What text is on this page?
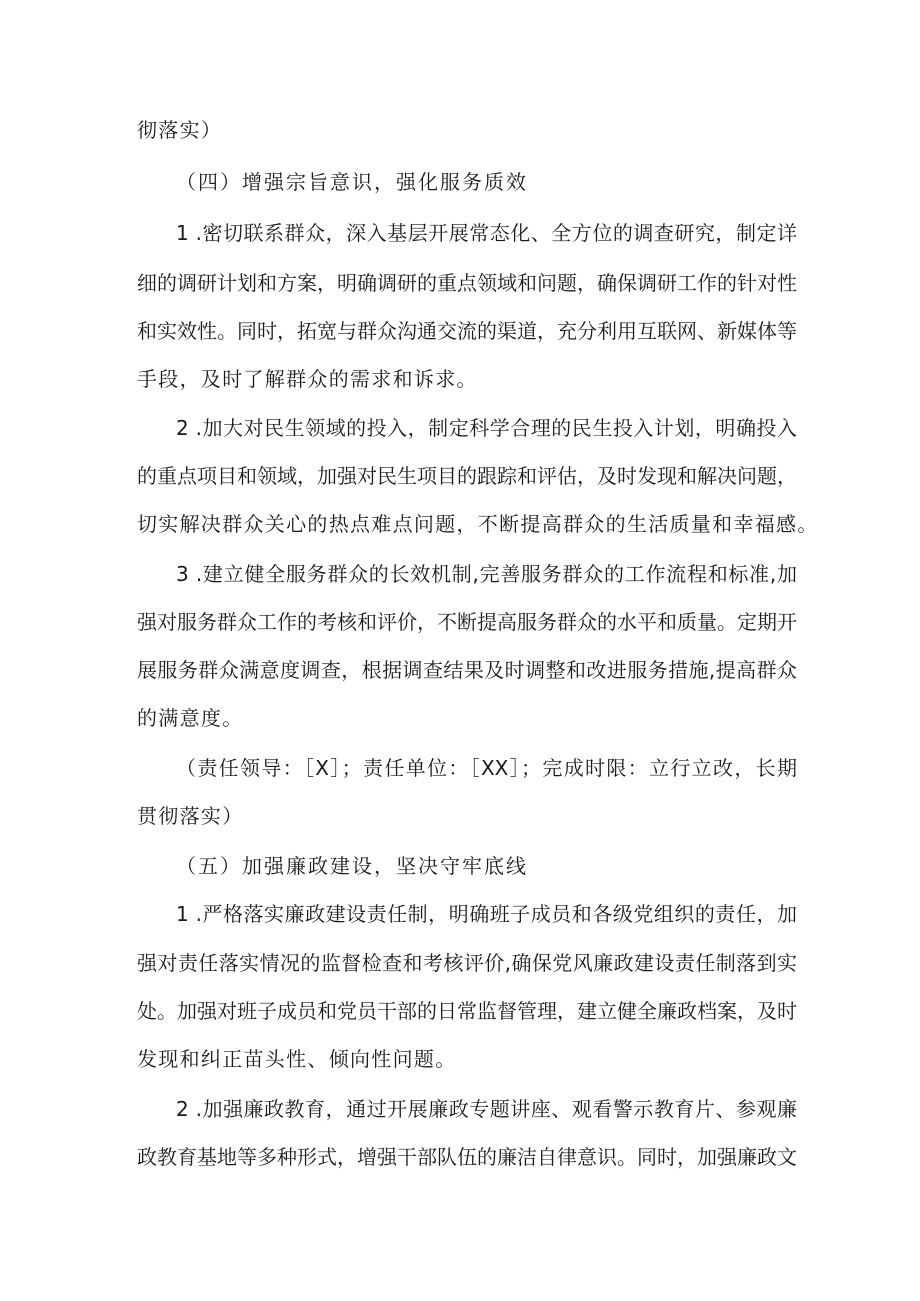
彻落实）
（四）增强宗旨意识，强化服务质效
1 .密切联系群众，深入基层开展常态化、全方位的调查研究，制定详
细的调研计划和方案，明确调研的重点领域和问题，确保调研工作的针对性
和实效性。同时，拓宽与群众沟通交流的渠道，充分利用互联网、新媒体等
手段，及时了解群众的需求和诉求。
2 .加大对民生领域的投入，制定科学合理的民生投入计划，明确投入
的重点项目和领域，加强对民生项目的跟踪和评估，及时发现和解决问题，
切实解决群众关心的热点难点问题，不断提高群众的生活质量和幸福感。
3 .建立健全服务群众的长效机制,完善服务群众的工作流程和标准,加
强对服务群众工作的考核和评价，不断提高服务群众的水平和质量。定期开
展服务群众满意度调查，根据调查结果及时调整和改进服务措施,提高群众
的满意度。
（责任领导：［X］；责任单位：［XX］；完成时限：立行立改，长期
贯彻落实）
（五）加强廉政建设，坚决守牢底线
1 .严格落实廉政建设责任制，明确班子成员和各级党组织的责任，加
强对责任落实情况的监督检查和考核评价,确保党风廉政建设责任制落到实
处。加强对班子成员和党员干部的日常监督管理，建立健全廉政档案，及时
发现和纠正苗头性、倾向性问题。
2 .加强廉政教育，通过开展廉政专题讲座、观看警示教育片、参观廉
政教育基地等多种形式，增强干部队伍的廉洁自律意识。同时，加强廉政文
